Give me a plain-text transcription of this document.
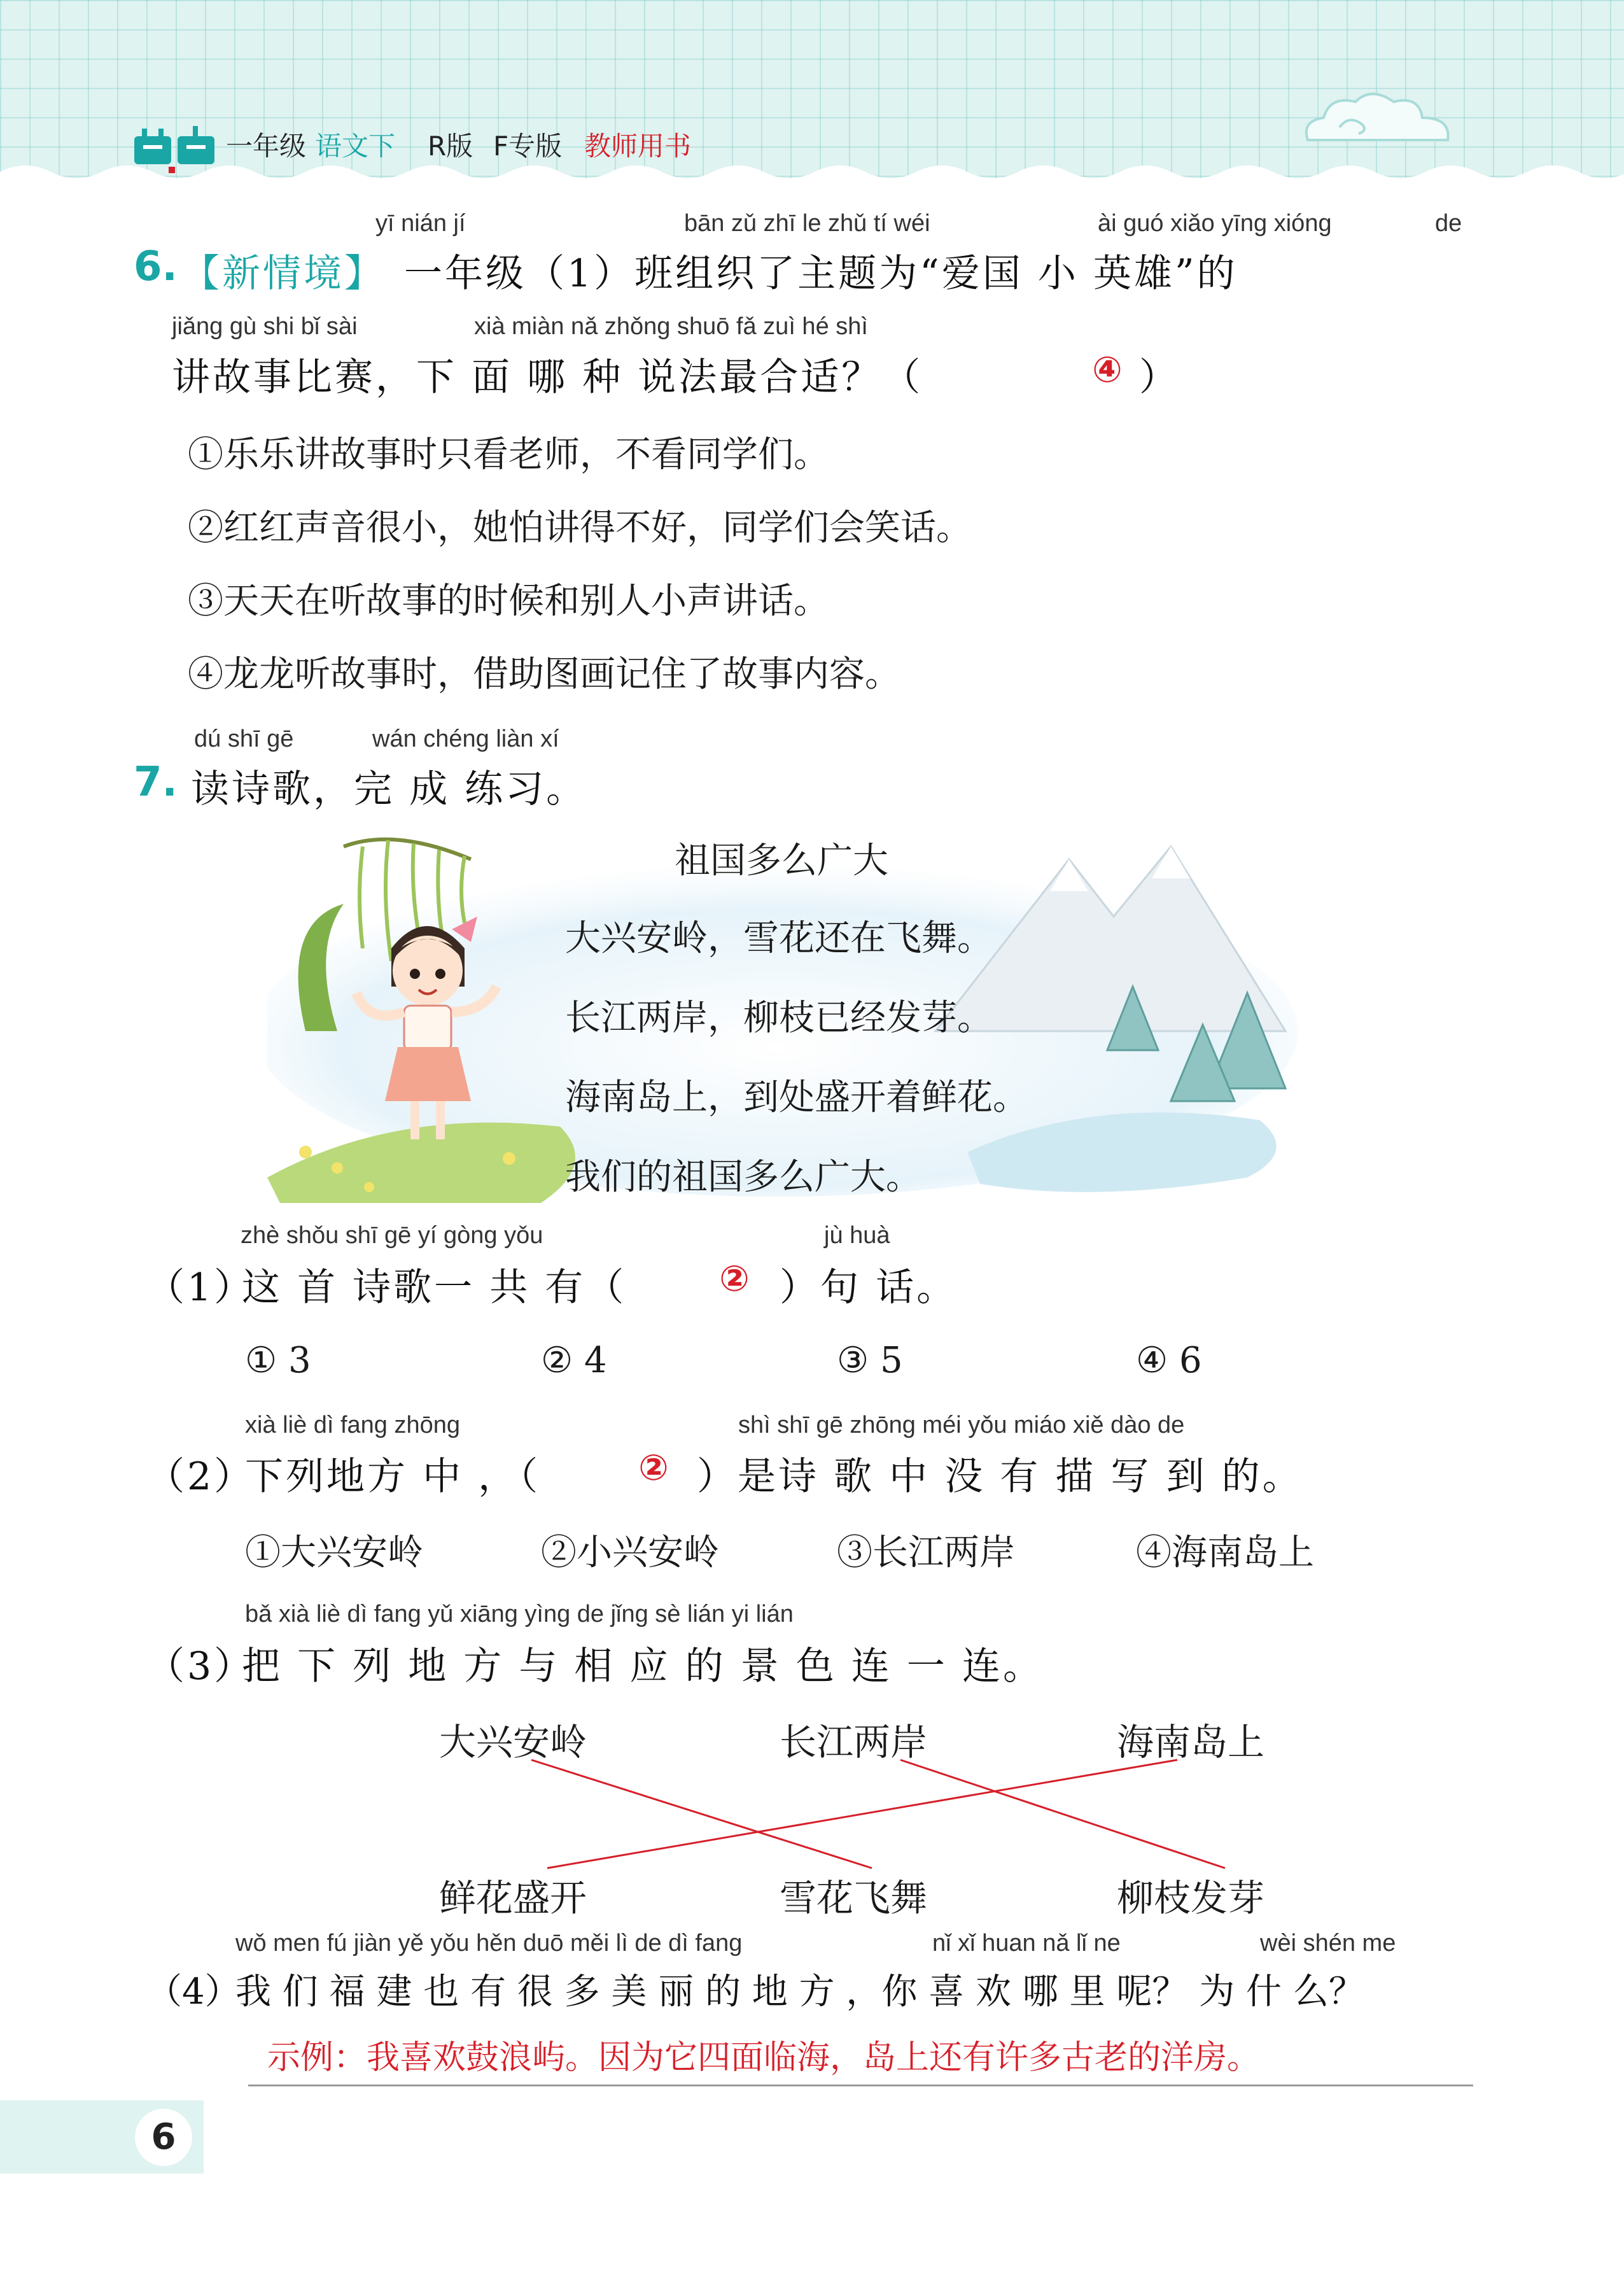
一年级 语文下 R版 F专版 教师用书
yī nián jí	bān zǔ zhī le zhǔ tí wéi	ài guó xiǎo yīng xióng	de
6. 【新情境】 一年级（1）班组织了主题为“爱国 小 英雄”的
jiǎng gù shi bǐ sài	xià miàn nǎ zhǒng shuō fǎ zuì hé shì
讲故事比赛，下 面 哪 种 说法最合适？（	④ ）
①乐乐讲故事时只看老师，不看同学们。
②红红声音很小，她怕讲得不好，同学们会笑话。
③天天在听故事的时候和别人小声讲话。
④龙龙听故事时，借助图画记住了故事内容。
dú shī gē	wán chéng liàn xí
7. 读诗歌，完 成 练习。
祖国多么广大
大兴安岭，雪花还在飞舞。
长江两岸，柳枝已经发芽。
海南岛上，到处盛开着鲜花。
我们的祖国多么广大。
zhè shǒu shī gē yí gòng yǒu	jù huà
（1）
这 首 诗歌一 共 有（	② ）句 话。
① 3	② 4	③ 5	④ 6
xià liè dì fang zhōng	shì shī gē zhōng méi yǒu miáo xiě dào de
（2）
下列地方 中 ，（	② ）是诗 歌 中 没 有 描 写 到 的。
①大兴安岭	②小兴安岭	③长江两岸	④海南岛上
bǎ xià liè dì fang yǔ xiāng yìng de jǐng sè lián yi lián
（3）
把 下 列 地 方 与 相 应 的 景 色 连 一 连。
大兴安岭	长江两岸	海南岛上
鲜花盛开	雪花飞舞	柳枝发芽
wǒ men fú jiàn yě yǒu hěn duō měi lì de dì fang	nǐ xǐ huan nǎ lǐ ne	wèi shén me
（4）
我 们 福 建 也 有 很 多 美 丽 的 地 方 ，你 喜 欢 哪 里 呢？ 为 什 么？
示例：我喜欢鼓浪屿。因为它四面临海，岛上还有许多古老的洋房。
6
